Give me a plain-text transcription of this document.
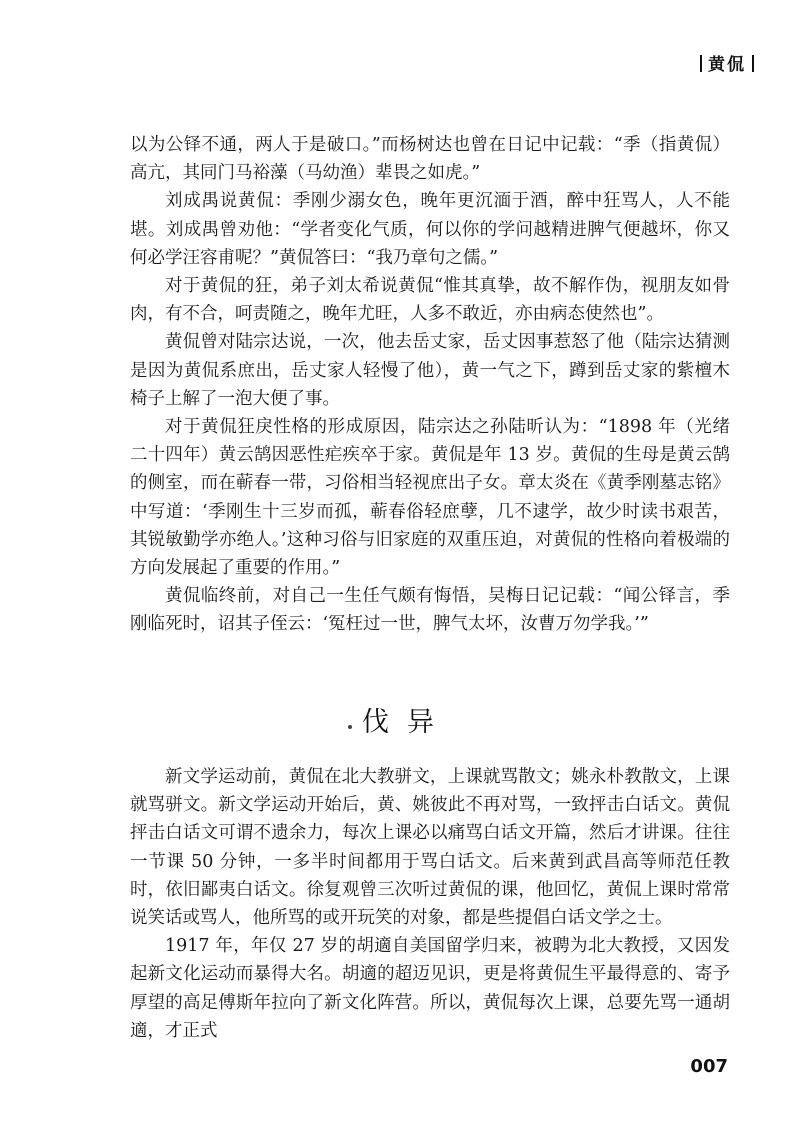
黄侃

以为公铎不通，两人于是破口。”而杨树达也曾在日记中记载：“季（指黄侃）高亢，其同门马裕藻（马幼渔）辈畏之如虎。”

刘成禺说黄侃：季刚少溺女色，晚年更沉湎于酒，醉中狂骂人，人不能堪。刘成禺曾劝他：“学者变化气质，何以你的学问越精进脾气便越坏，你又何必学汪容甫呢？”黄侃答曰：“我乃章句之儒。”

对于黄侃的狂，弟子刘太希说黄侃“惟其真挚，故不解作伪，视朋友如骨肉，有不合，呵责随之，晚年尤旺，人多不敢近，亦由病态使然也”。

黄侃曾对陆宗达说，一次，他去岳丈家，岳丈因事惹怒了他（陆宗达猜测是因为黄侃系庶出，岳丈家人轻慢了他），黄一气之下，蹲到岳丈家的紫檀木椅子上解了一泡大便了事。

对于黄侃狂戾性格的形成原因，陆宗达之孙陆昕认为：“1898 年（光绪二十四年）黄云鹄因恶性疟疾卒于家。黄侃是年 13 岁。黄侃的生母是黄云鹄的侧室，而在蕲春一带，习俗相当轻视庶出子女。章太炎在《黄季刚墓志铭》中写道：‘季刚生十三岁而孤，蕲春俗轻庶孽，几不逮学，故少时读书艰苦，其锐敏勤学亦绝人。’这种习俗与旧家庭的双重压迫，对黄侃的性格向着极端的方向发展起了重要的作用。”

黄侃临终前，对自己一生任气颇有悔悟，吴梅日记记载：“闻公铎言，季刚临死时，诏其子侄云：‘冤枉过一世，脾气太坏，汝曹万勿学我。’”

伐异

新文学运动前，黄侃在北大教骈文，上课就骂散文；姚永朴教散文，上课就骂骈文。新文学运动开始后，黄、姚彼此不再对骂，一致抨击白话文。黄侃抨击白话文可谓不遗余力，每次上课必以痛骂白话文开篇，然后才讲课。往往一节课 50 分钟，一多半时间都用于骂白话文。后来黄到武昌高等师范任教时，依旧鄙夷白话文。徐复观曾三次听过黄侃的课，他回忆，黄侃上课时常常说笑话或骂人，他所骂的或开玩笑的对象，都是些提倡白话文学之士。

1917 年，年仅 27 岁的胡適自美国留学归来，被聘为北大教授，又因发起新文化运动而暴得大名。胡適的超迈见识，更是将黄侃生平最得意的、寄予厚望的高足傅斯年拉向了新文化阵营。所以，黄侃每次上课，总要先骂一通胡適，才正式

007
